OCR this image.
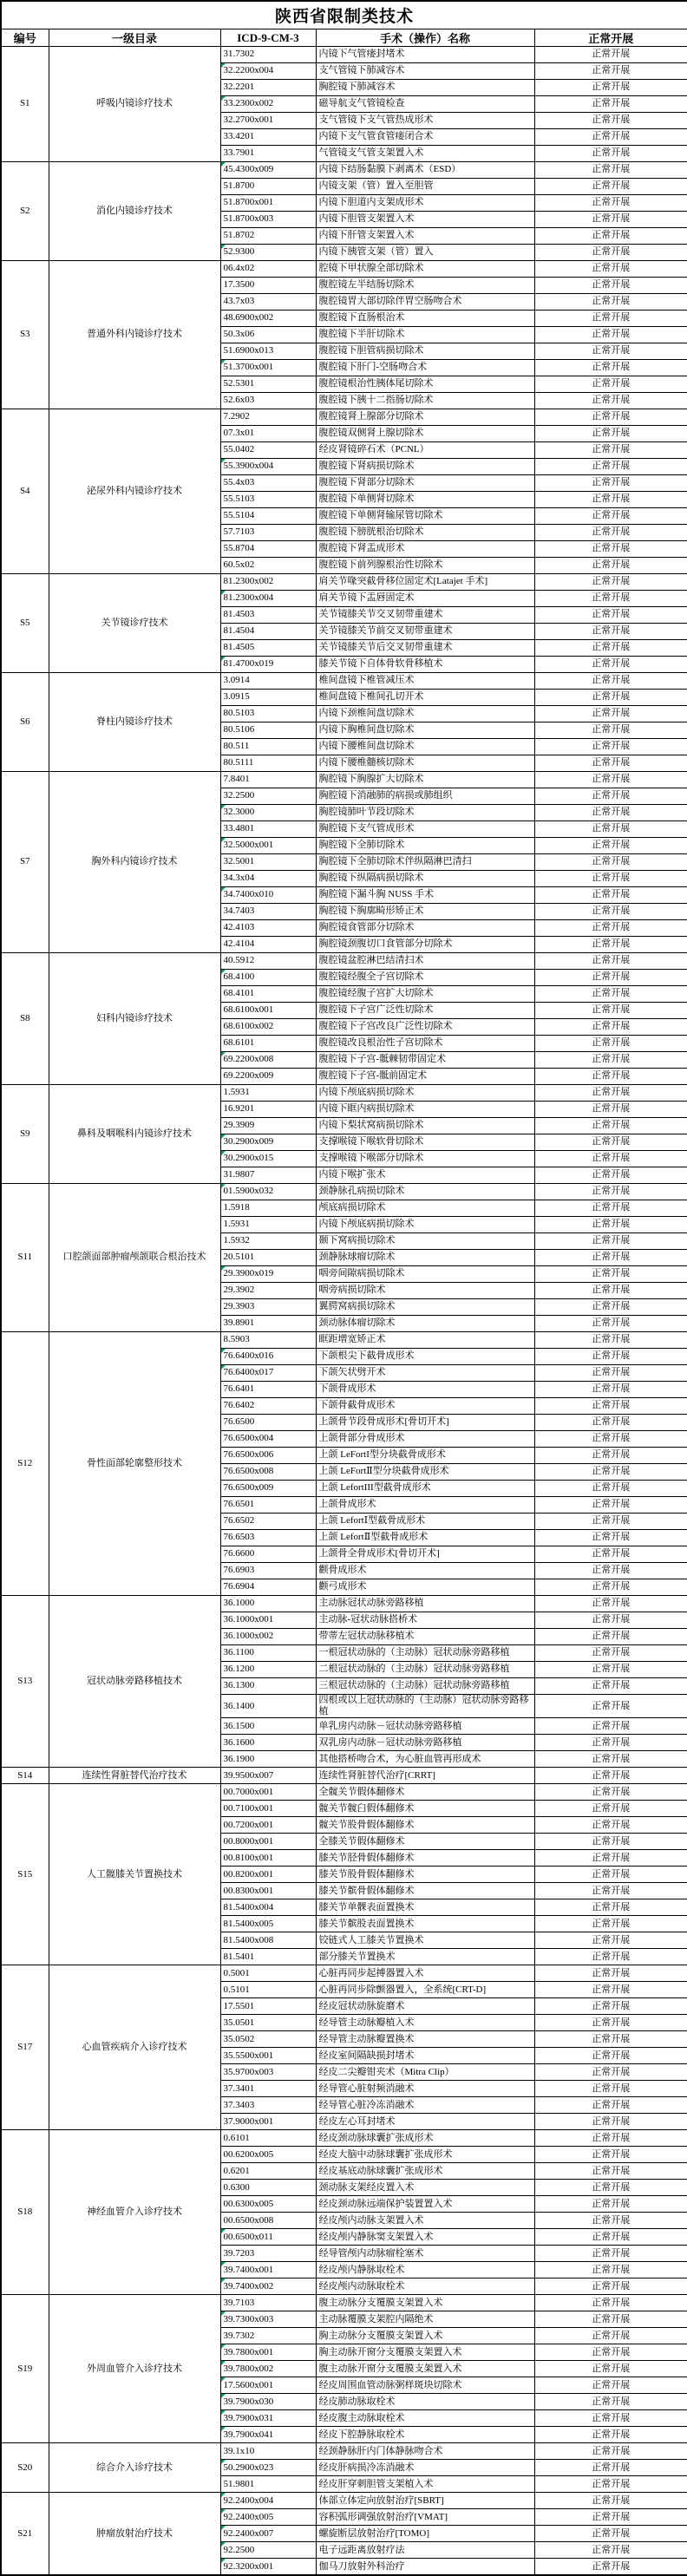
陕西省限制类技术				
编号	一级目录	ICD-9-CM-3	手术（操作）名称	正常开展
S1	呼吸内镜诊疗技术	31.7302	内镜下气管瘘封堵术	正常开展
		32.2200x004	支气管镜下肺减容术	正常开展
		32.2201	胸腔镜下肺减容术	正常开展
		33.2300x002	磁导航支气管镜检查	正常开展
		32.2700x001	支气管镜下支气管热成形术	正常开展
		33.4201	内镜下支气管食管瘘闭合术	正常开展
		33.7901	气管镜支气管支架置入术	正常开展
S2	消化内镜诊疗技术	45.4300x009	内镜下结肠黏膜下剥离术（ESD）	正常开展
		51.8700	内镜支架（管）置入至胆管	正常开展
		51.8700x001	内镜下胆道内支架成形术	正常开展
		51.8700x003	内镜下胆管支架置入术	正常开展
		51.8702	内镜下肝管支架置入术	正常开展
		52.9300	内镜下胰管支架（管）置入	正常开展
S3	普通外科内镜诊疗技术	06.4x02	腔镜下甲状腺全部切除术	正常开展
		17.3500	腹腔镜左半结肠切除术	正常开展
		43.7x03	腹腔镜胃大部切除伴胃空肠吻合术	正常开展
		48.6900x002	腹腔镜下直肠根治术	正常开展
		50.3x06	腹腔镜下半肝切除术	正常开展
		51.6900x013	腹腔镜下胆管病损切除术	正常开展
		51.3700x001	腹腔镜下肝门-空肠吻合术	正常开展
		52.5301	腹腔镜根治性胰体尾切除术	正常开展
		52.6x03	腹腔镜下胰十二指肠切除术	正常开展
S4	泌尿外科内镜诊疗技术	7.2902	腹腔镜肾上腺部分切除术	正常开展
		07.3x01	腹腔镜双侧肾上腺切除术	正常开展
		55.0402	经皮肾镜碎石术（PCNL）	正常开展
		55.3900x004	腹腔镜下肾病损切除术	正常开展
		55.4x03	腹腔镜下肾部分切除术	正常开展
		55.5103	腹腔镜下单侧肾切除术	正常开展
		55.5104	腹腔镜下单侧肾输尿管切除术	正常开展
		57.7103	腹腔镜下膀胱根治切除术	正常开展
		55.8704	腹腔镜下肾盂成形术	正常开展
		60.5x02	腹腔镜下前列腺根治性切除术	正常开展
S5	关节镜诊疗技术	81.2300x002	肩关节喙突截骨移位固定术[Latajet 手术]	正常开展
		81.2300x004	肩关节镜下盂唇固定术	正常开展
		81.4503	关节镜膝关节交叉韧带重建术	正常开展
		81.4504	关节镜膝关节前交叉韧带重建术	正常开展
		81.4505	关节镜膝关节后交叉韧带重建术	正常开展
		81.4700x019	膝关节镜下自体骨软骨移植术	正常开展
S6	脊柱内镜诊疗技术	3.0914	椎间盘镜下椎管减压术	正常开展
		3.0915	椎间盘镜下椎间孔切开术	正常开展
		80.5103	内镜下颈椎间盘切除术	正常开展
		80.5106	内镜下胸椎间盘切除术	正常开展
		80.511	内镜下腰椎间盘切除术	正常开展
		80.5111	内镜下腰椎髓核切除术	正常开展
S7	胸外科内镜诊疗技术	7.8401	胸腔镜下胸腺扩大切除术	正常开展
		32.2500	胸腔镜下消融肺的病损或肺组织	正常开展
		32.3000	胸腔镜肺叶节段切除术	正常开展
		33.4801	胸腔镜下支气管成形术	正常开展
		32.5000x001	胸腔镜下全肺切除术	正常开展
		32.5001	胸腔镜下全肺切除术伴纵隔淋巴清扫	正常开展
		34.3x04	胸腔镜下纵隔病损切除术	正常开展
		34.7400x010	胸腔镜下漏斗胸 NUSS 手术	正常开展
		34.7403	胸腔镜下胸廓畸形矫正术	正常开展
		42.4103	胸腔镜食管部分切除术	正常开展
		42.4104	胸腔镜颈腹切口食管部分切除术	正常开展
S8	妇科内镜诊疗技术	40.5912	腹腔镜盆腔淋巴结清扫术	正常开展
		68.4100	腹腔镜经腹全子宫切除术	正常开展
		68.4101	腹腔镜经腹子宫扩大切除术	正常开展
		68.6100x001	腹腔镜下子宫广泛性切除术	正常开展
		68.6100x002	腹腔镜下子宫改良广泛性切除术	正常开展
		68.6101	腹腔镜改良根治性子宫切除术	正常开展
		69.2200x008	腹腔镜下子宫-骶棘韧带固定术	正常开展
		69.2200x009	腹腔镜下子宫-骶前固定术	正常开展
S9	鼻科及咽喉科内镜诊疗技术	1.5931	内镜下颅底病损切除术	正常开展
		16.9201	内镜下眶内病损切除术	正常开展
		29.3909	内镜下梨状窝病损切除术	正常开展
		30.2900x009	支撑喉镜下喉软骨切除术	正常开展
		30.2900x015	支撑喉镜下喉部分切除术	正常开展
		31.9807	内镜下喉扩张术	正常开展
S11	口腔颌面部肿瘤颅颌联合根治技术	01.5900x032	颈静脉孔病损切除术	正常开展
		1.5918	颅底病损切除术	正常开展
		1.5931	内镜下颅底病损切除术	正常开展
		1.5932	颞下窝病损切除术	正常开展
		20.5101	颈静脉球瘤切除术	正常开展
		29.3900x019	咽旁间隙病损切除术	正常开展
		29.3902	咽旁病损切除术	正常开展
		29.3903	翼腭窝病损切除术	正常开展
		39.8901	颈动脉体瘤切除术	正常开展
S12	骨性面部轮廓整形技术	8.5903	眶距增宽矫正术	正常开展
		76.6400x016	下颌根尖下截骨成形术	正常开展
		76.6400x017	下颌矢状劈开术	正常开展
		76.6401	下颌骨成形术	正常开展
		76.6402	下颌骨截骨成形术	正常开展
		76.6500	上颌骨节段骨成形术[骨切开术]	正常开展
		76.6500x004	上颌骨部分骨成形术	正常开展
		76.6500x006	上颌 LeFortI型分块截骨成形术	正常开展
		76.6500x008	上颌 LeFortⅡ型分块截骨成形术	正常开展
		76.6500x009	上颌 LefortIII型截骨成形术	正常开展
		76.6501	上颌骨成形术	正常开展
		76.6502	上颌 LefortⅠ型截骨成形术	正常开展
		76.6503	上颌 LefortⅡ型截骨成形术	正常开展
		76.6600	上颌骨全骨成形术[骨切开术]	正常开展
		76.6903	颧骨成形术	正常开展
		76.6904	颧弓成形术	正常开展
S13	冠状动脉旁路移植技术	36.1000	主动脉冠状动脉旁路移植	正常开展
		36.1000x001	主动脉-冠状动脉搭桥术	正常开展
		36.1000x002	带蒂左冠状动脉移植术	正常开展
		36.1100	一根冠状动脉的（主动脉）冠状动脉旁路移植	正常开展
		36.1200	二根冠状动脉的（主动脉）冠状动脉旁路移植	正常开展
		36.1300	三根冠状动脉的（主动脉）冠状动脉旁路移植	正常开展
		36.1400	四根或以上冠状动脉的（主动脉）冠状动脉旁路移植	正常开展
		36.1500	单乳房内动脉－冠状动脉旁路移植	正常开展
		36.1600	双乳房内动脉－冠状动脉旁路移植	正常开展
		36.1900	其他搭桥吻合术，为心脏血管再形成术	正常开展
S14	连续性肾脏替代治疗技术	39.9500x007	连续性肾脏替代治疗[CRRT]	正常开展
S15	人工髋膝关节置换技术	00.7000x001	全髋关节假体翻修术	正常开展
		00.7100x001	髋关节髋臼假体翻修术	正常开展
		00.7200x001	髋关节股骨假体翻修术	正常开展
		00.8000x001	全膝关节假体翻修术	正常开展
		00.8100x001	膝关节胫骨假体翻修术	正常开展
		00.8200x001	膝关节股骨假体翻修术	正常开展
		00.8300x001	膝关节髌骨假体翻修术	正常开展
		81.5400x004	膝关节单髁表面置换术	正常开展
		81.5400x005	膝关节髌股表面置换术	正常开展
		81.5400x008	铰链式人工膝关节置换术	正常开展
		81.5401	部分膝关节置换术	正常开展
S17	心血管疾病介入诊疗技术	0.5001	心脏再同步起搏器置入术	正常开展
		0.5101	心脏再同步除颤器置入，全系统[CRT-D]	正常开展
		17.5501	经皮冠状动脉旋磨术	正常开展
		35.0501	经导管主动脉瓣植入术	正常开展
		35.0502	经导管主动脉瓣置换术	正常开展
		35.5500x001	经皮室间隔缺损封堵术	正常开展
		35.9700x003	经皮二尖瓣钳夹术（Mitra Clip）	正常开展
		37.3401	经导管心脏射频消融术	正常开展
		37.3403	经导管心脏冷冻消融术	正常开展
		37.9000x001	经皮左心耳封堵术	正常开展
S18	神经血管介入诊疗技术	0.6101	经皮颈动脉球囊扩张成形术	正常开展
		00.6200x005	经皮大脑中动脉球囊扩张成形术	正常开展
		0.6201	经皮基底动脉球囊扩张成形术	正常开展
		0.6300	颈动脉支架经皮置入术	正常开展
		00.6300x005	经皮颈动脉远端保护装置置入术	正常开展
		00.6500x008	经皮颅内动脉支架置入术	正常开展
		00.6500x011	经皮颅内静脉窦支架置入术	正常开展
		39.7203	经导管颅内动脉瘤栓塞术	正常开展
		39.7400x001	经皮颅内静脉取栓术	正常开展
		39.7400x002	经皮颅内动脉取栓术	正常开展
S19	外周血管介入诊疗技术	39.7103	腹主动脉分支覆膜支架置入术	正常开展
		39.7300x003	主动脉覆膜支架腔内隔绝术	正常开展
		39.7302	胸主动脉分支覆膜支架置入术	正常开展
		39.7800x001	胸主动脉开窗分支覆膜支架置入术	正常开展
		39.7800x002	腹主动脉开窗分支覆膜支架置入术	正常开展
		17.5600x001	经皮周围血管动脉粥样斑块切除术	正常开展
		39.7900x030	经皮肺动脉取栓术	正常开展
		39.7900x031	经皮腹主动脉取栓术	正常开展
		39.7900x041	经皮下腔静脉取栓术	正常开展
S20	综合介入诊疗技术	39.1x10	经颈静脉肝内门体静脉吻合术	正常开展
		50.2900x023	经皮肝病损冷冻消融术	正常开展
		51.9801	经皮肝穿刺胆管支架植入术	正常开展
S21	肿瘤放射治疗技术	92.2400x004	体部立体定向放射治疗[SBRT]	正常开展
		92.2400x005	容积弧形调强放射治疗[VMAT]	正常开展
		92.2400x007	螺旋断层放射治疗[TOMO]	正常开展
		92.2500	电子远距离放射疗法	正常开展
		92.3200x001	伽马刀放射外科治疗	正常开展
